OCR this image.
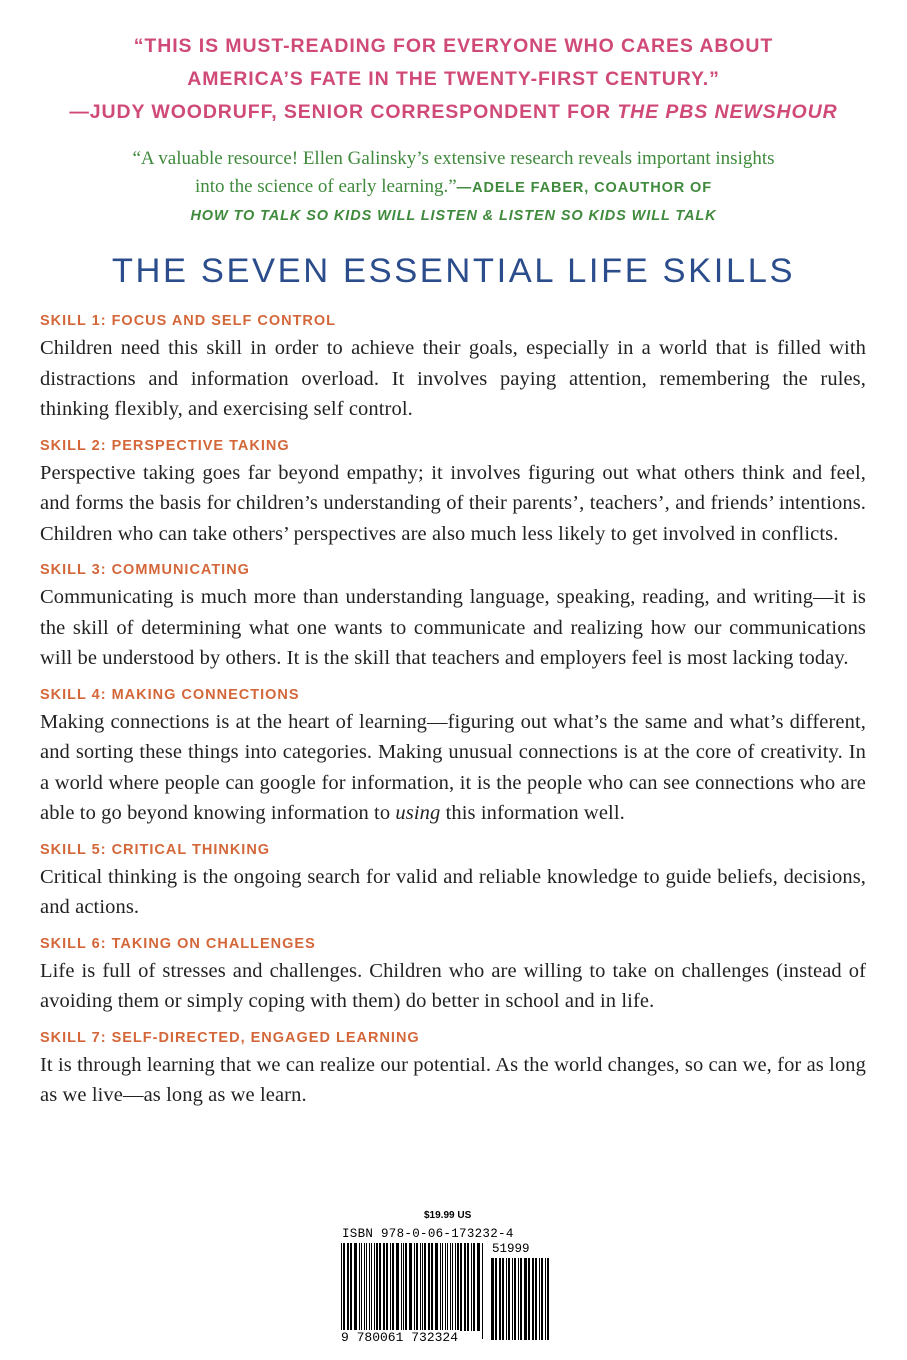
“THIS IS MUST-READING FOR EVERYONE WHO CARES ABOUT
AMERICA’S FATE IN THE TWENTY-FIRST CENTURY.”
—JUDY WOODRUFF, SENIOR CORRESPONDENT FOR THE PBS NEWSHOUR
“A valuable resource! Ellen Galinsky’s extensive research reveals important insights
into the science of early learning.”—ADELE FABER, COAUTHOR OF
HOW TO TALK SO KIDS WILL LISTEN & LISTEN SO KIDS WILL TALK
THE SEVEN ESSENTIAL LIFE SKILLS
SKILL 1: FOCUS AND SELF CONTROL
Children need this skill in order to achieve their goals, especially in a world that is filled with distractions and information overload. It involves paying attention, remembering the rules, thinking flexibly, and exercising self control.
SKILL 2: PERSPECTIVE TAKING
Perspective taking goes far beyond empathy; it involves figuring out what others think and feel, and forms the basis for children’s understanding of their parents’, teachers’, and friends’ intentions. Children who can take others’ perspectives are also much less likely to get involved in conflicts.
SKILL 3: COMMUNICATING
Communicating is much more than understanding language, speaking, reading, and writing—it is the skill of determining what one wants to communicate and realizing how our communications will be understood by others. It is the skill that teachers and employers feel is most lacking today.
SKILL 4: MAKING CONNECTIONS
Making connections is at the heart of learning—figuring out what’s the same and what’s different, and sorting these things into categories. Making unusual connections is at the core of creativity. In a world where people can google for information, it is the people who can see connections who are able to go beyond knowing information to using this information well.
SKILL 5: CRITICAL THINKING
Critical thinking is the ongoing search for valid and reliable knowledge to guide beliefs, decisions, and actions.
SKILL 6: TAKING ON CHALLENGES
Life is full of stresses and challenges. Children who are willing to take on challenges (instead of avoiding them or simply coping with them) do better in school and in life.
SKILL 7: SELF-DIRECTED, ENGAGED LEARNING
It is through learning that we can realize our potential. As the world changes, so can we, for as long as we live—as long as we learn.
$19.99 US
ISBN 978-0-06-173232-4
51999
9 780061 732324
